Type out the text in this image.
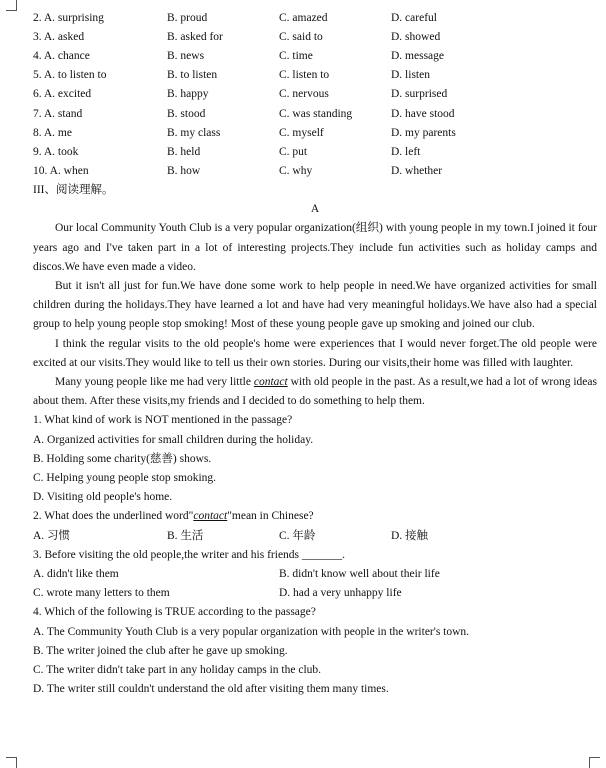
2. A. surprising	B. proud	C. amazed	D. careful
3. A. asked	B. asked for	C. said to	D. showed
4. A. chance	B. news	C. time	D. message
5. A. to listen to	B. to listen	C. listen to	D. listen
6. A. excited	B. happy	C. nervous	D. surprised
7. A. stand	B. stood	C. was standing	D. have stood
8. A. me	B. my class	C. myself	D. my parents
9. A. took	B. held	C. put	D. left
10. A. when	B. how	C. why	D. whether

III、阅读理解。

A

Our local Community Youth Club is a very popular organization(组织) with young people in my town.I joined it four years ago and I've taken part in a lot of interesting projects.They include fun activities such as holiday camps and discos.We have even made a video.

But it isn't all just for fun.We have done some work to help people in need.We have organized activities for small children during the holidays.They have learned a lot and have had very meaningful holidays.We have also had a special group to help young people stop smoking! Most of these young people gave up smoking and joined our club.

I think the regular visits to the old people's home were experiences that I would never forget.The old people were excited at our visits.They would like to tell us their own stories. During our visits,their home was filled with laughter.

Many young people like me had very little contact with old people in the past. As a result,we had a lot of wrong ideas about them. After these visits,my friends and I decided to do something to help them.

1. What kind of work is NOT mentioned in the passage?

A. Organized activities for small children during the holiday.

B. Holding some charity(慈善) shows.

C. Helping young people stop smoking.

D. Visiting old people's home.

2. What does the underlined word"contact"mean in Chinese?

A. 习惯	B. 生活	C. 年龄	D. 接触

3. Before visiting the old people,the writer and his friends _______.

A. didn't like them	B. didn't know well about their life
C. wrote many letters to them	D. had a very unhappy life

4. Which of the following is TRUE according to the passage?

A. The Community Youth Club is a very popular organization with people in the writer's town.

B. The writer joined the club after he gave up smoking.

C. The writer didn't take part in any holiday camps in the club.

D. The writer still couldn't understand the old after visiting them many times.
